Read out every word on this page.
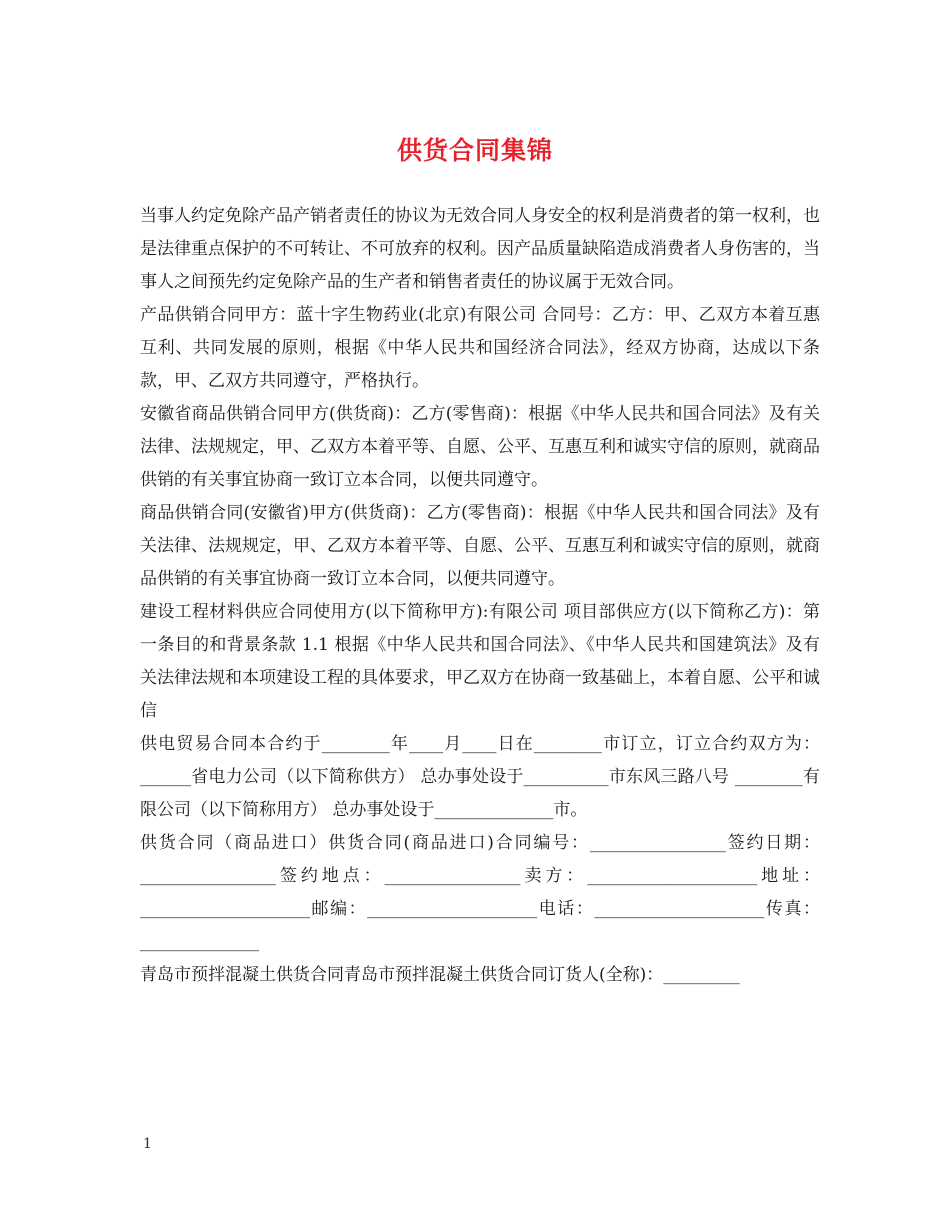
供货合同集锦

当事人约定免除产品产销者责任的协议为无效合同人身安全的权利是消费者的第一权利，也是法律重点保护的不可转让、不可放弃的权利。因产品质量缺陷造成消费者人身伤害的，当事人之间预先约定免除产品的生产者和销售者责任的协议属于无效合同。

产品供销合同甲方：蓝十字生物药业(北京)有限公司 合同号：乙方：甲、乙双方本着互惠互利、共同发展的原则，根据《中华人民共和国经济合同法》，经双方协商，达成以下条款，甲、乙双方共同遵守，严格执行。

安徽省商品供销合同甲方(供货商)：乙方(零售商)：根据《中华人民共和国合同法》及有关法律、法规规定，甲、乙双方本着平等、自愿、公平、互惠互利和诚实守信的原则，就商品供销的有关事宜协商一致订立本合同，以便共同遵守。

商品供销合同(安徽省)甲方(供货商)：乙方(零售商)：根据《中华人民共和国合同法》及有关法律、法规规定，甲、乙双方本着平等、自愿、公平、互惠互利和诚实守信的原则，就商品供销的有关事宜协商一致订立本合同，以便共同遵守。

建设工程材料供应合同使用方(以下简称甲方):有限公司 项目部供应方(以下简称乙方)：第一条目的和背景条款 1.1 根据《中华人民共和国合同法》、《中华人民共和国建筑法》及有关法律法规和本项建设工程的具体要求，甲乙双方在协商一致基础上，本着自愿、公平和诚信

供电贸易合同本合约于________年____月____日在________市订立，订立合约双方为： ______省电力公司（以下简称供方） 总办事处设于__________市东风三路八号 ________有限公司（以下简称用方） 总办事处设于______________市。

供货合同（商品进口）供货合同(商品进口)合同编号：________________签约日期：________________签约地点：________________卖方：____________________地址：____________________邮编：____________________电话：____________________传真：______________

青岛市预拌混凝土供货合同青岛市预拌混凝土供货合同订货人(全称)：_________

1
